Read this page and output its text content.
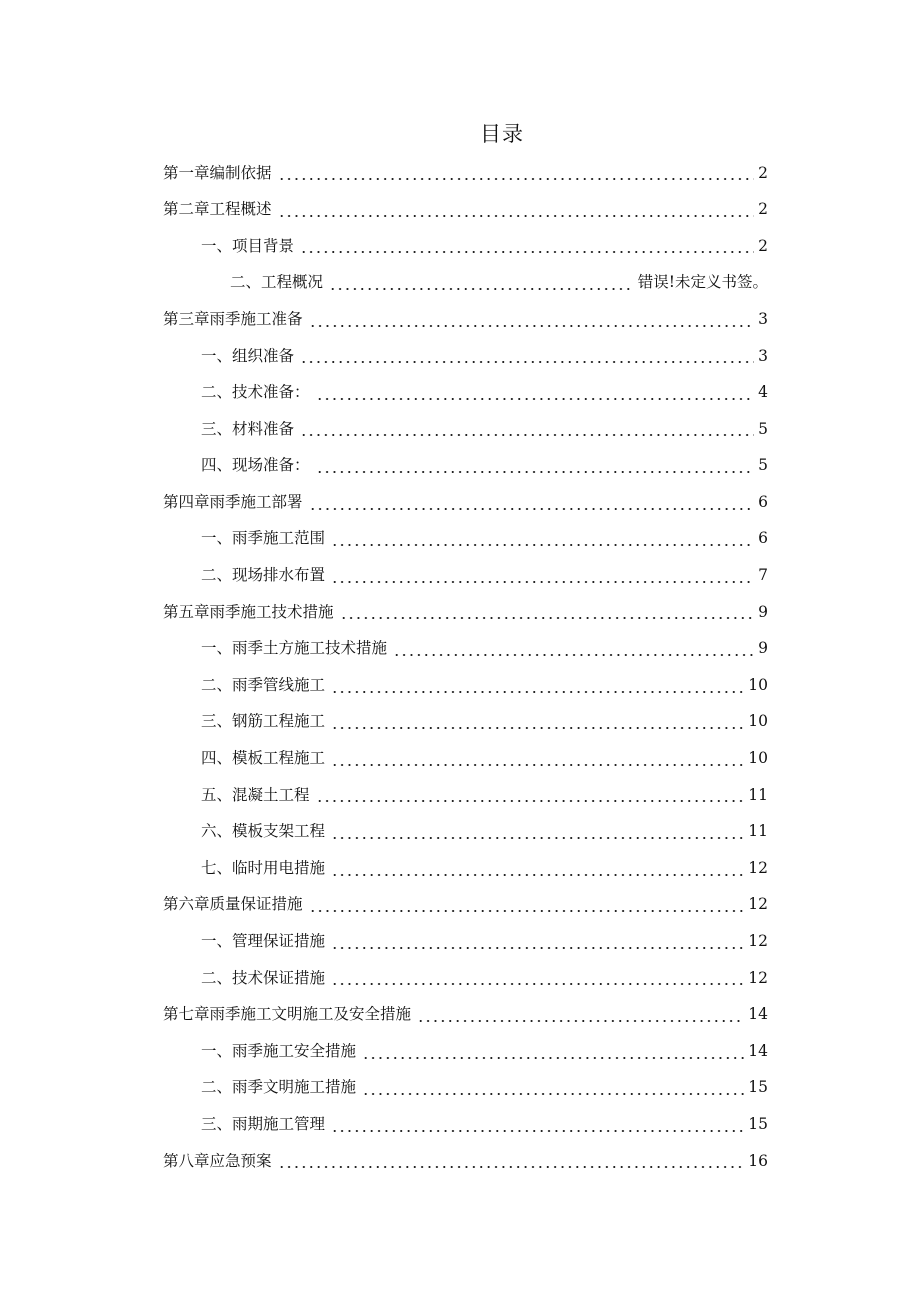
目录
第一章编制依据	2
第二章工程概述	2
一、项目背景	2
二、工程概况	错误!未定义书签。
第三章雨季施工准备	3
一、组织准备	3
二、技术准备：	4
三、材料准备	5
四、现场准备：	5
第四章雨季施工部署	6
一、雨季施工范围	6
二、现场排水布置	7
第五章雨季施工技术措施	9
一、雨季土方施工技术措施	9
二、雨季管线施工	10
三、钢筋工程施工	10
四、模板工程施工	10
五、混凝土工程	11
六、模板支架工程	11
七、临时用电措施	12
第六章质量保证措施	12
一、管理保证措施	12
二、技术保证措施	12
第七章雨季施工文明施工及安全措施	14
一、雨季施工安全措施	14
二、雨季文明施工措施	15
三、雨期施工管理	15
第八章应急预案	16
